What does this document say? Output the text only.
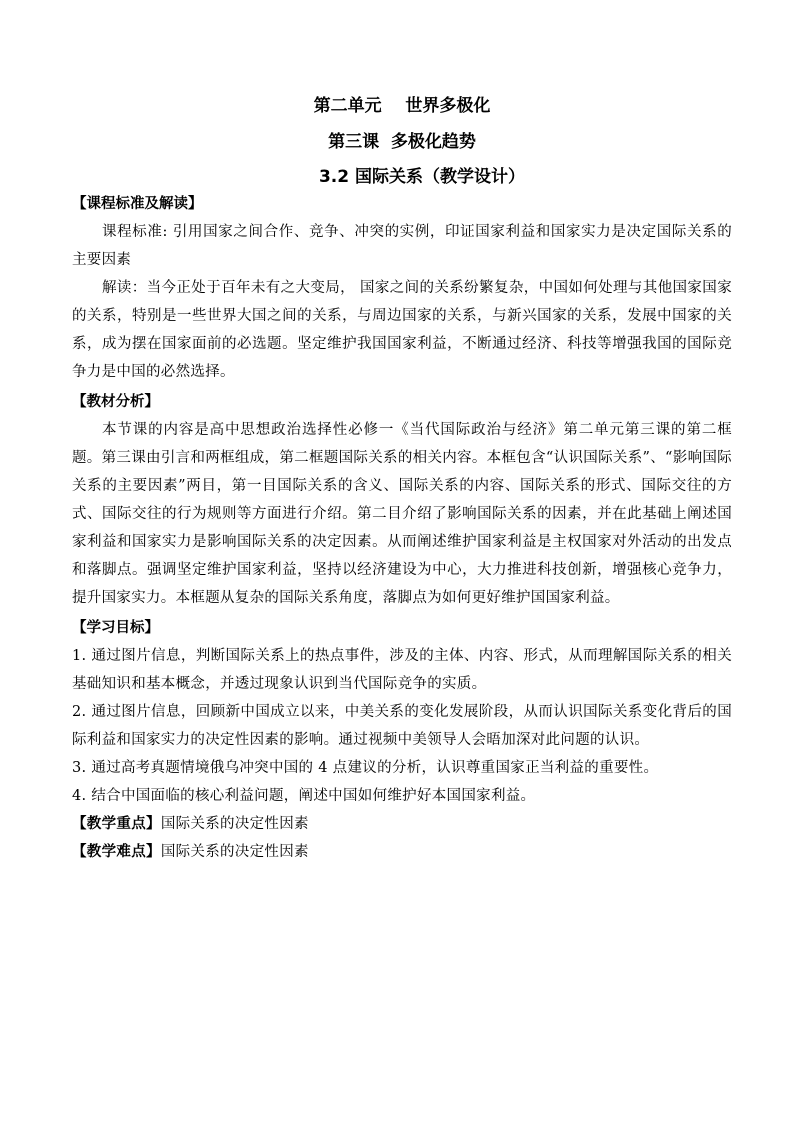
第二单元    世界多极化

第三课  多极化趋势

3.2 国际关系（教学设计）

【课程标准及解读】

课程标准: 引用国家之间合作、竞争、冲突的实例，印证国家利益和国家实力是决定国际关系的主要因素

解读：当今正处于百年未有之大变局， 国家之间的关系纷繁复杂，中国如何处理与其他国家国家的关系，特别是一些世界大国之间的关系，与周边国家的关系，与新兴国家的关系，发展中国家的关系，成为摆在国家面前的必选题。坚定维护我国国家利益，不断通过经济、科技等增强我国的国际竞争力是中国的必然选择。

【教材分析】

本节课的内容是高中思想政治选择性必修一《当代国际政治与经济》第二单元第三课的第二框题。第三课由引言和两框组成，第二框题国际关系的相关内容。本框包含“认识国际关系”、“影响国际关系的主要因素”两目，第一目国际关系的含义、国际关系的内容、国际关系的形式、国际交往的方式、国际交往的行为规则等方面进行介绍。第二目介绍了影响国际关系的因素，并在此基础上阐述国家利益和国家实力是影响国际关系的决定因素。从而阐述维护国家利益是主权国家对外活动的出发点和落脚点。强调坚定维护国家利益，坚持以经济建设为中心，大力推进科技创新，增强核心竞争力，提升国家实力。本框题从复杂的国际关系角度，落脚点为如何更好维护国国家利益。

【学习目标】

1. 通过图片信息，判断国际关系上的热点事件，涉及的主体、内容、形式，从而理解国际关系的相关基础知识和基本概念，并透过现象认识到当代国际竞争的实质。

2. 通过图片信息，回顾新中国成立以来，中美关系的变化发展阶段，从而认识国际关系变化背后的国际利益和国家实力的决定性因素的影响。通过视频中美领导人会晤加深对此问题的认识。

3. 通过高考真题情境俄乌冲突中国的 4 点建议的分析，认识尊重国家正当利益的重要性。

4. 结合中国面临的核心利益问题，阐述中国如何维护好本国国家利益。

【教学重点】国际关系的决定性因素

【教学难点】国际关系的决定性因素
